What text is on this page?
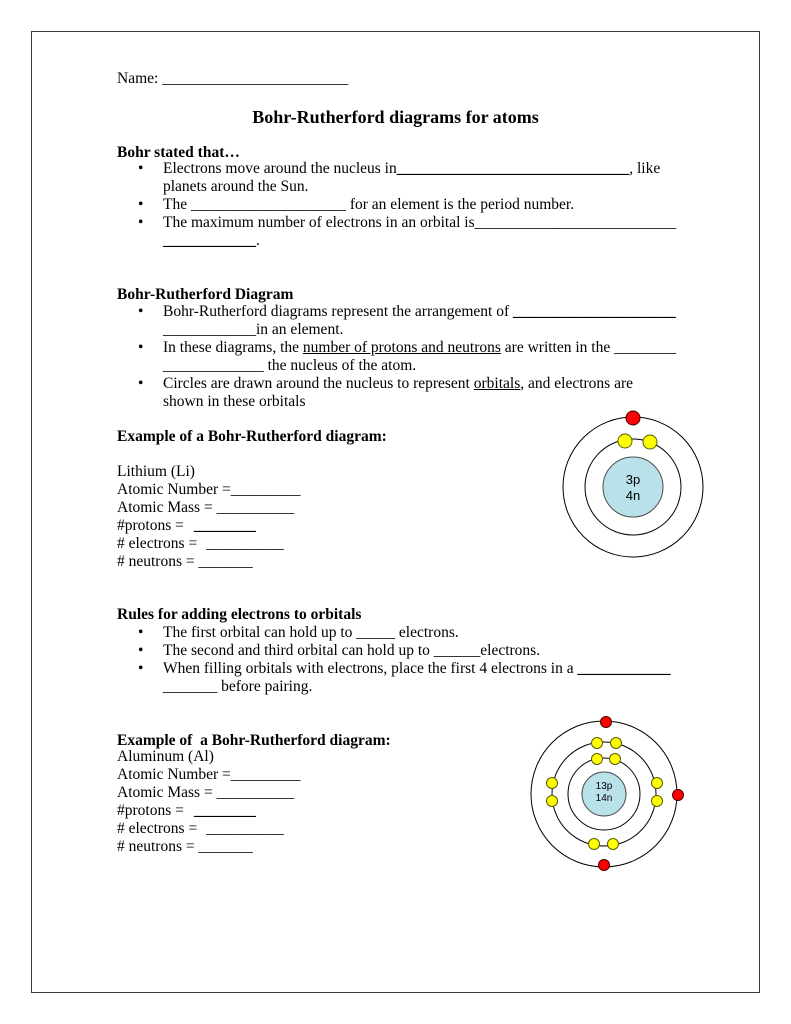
Name: ________________________
Bohr-Rutherford diagrams for atoms
Bohr stated that…
• Electrons move around the nucleus in______________________________, like
planets around the Sun.
• The ____________________ for an element is the period number.
• The maximum number of electrons in an orbital is__________________________
____________.
Bohr-Rutherford Diagram
• Bohr-Rutherford diagrams represent the arrangement of _____________________
____________in an element.
• In these diagrams, the number of protons and neutrons are written in the ________
_____________ the nucleus of the atom.
• Circles are drawn around the nucleus to represent orbitals, and electrons are
shown in these orbitals
Example of a Bohr-Rutherford diagram:
Lithium (Li)
Atomic Number =_________
Atomic Mass = __________
#protons = ________
# electrons = __________
# neutrons = _______
3p
4n
Rules for adding electrons to orbitals
• The first orbital can hold up to _____ electrons.
• The second and third orbital can hold up to ______electrons.
• When filling orbitals with electrons, place the first 4 electrons in a ____________
_______ before pairing.
Example of  a Bohr-Rutherford diagram:
Aluminum (Al)
Atomic Number =_________
Atomic Mass = __________
#protons = ________
# electrons = __________
# neutrons = _______
13p
14n
